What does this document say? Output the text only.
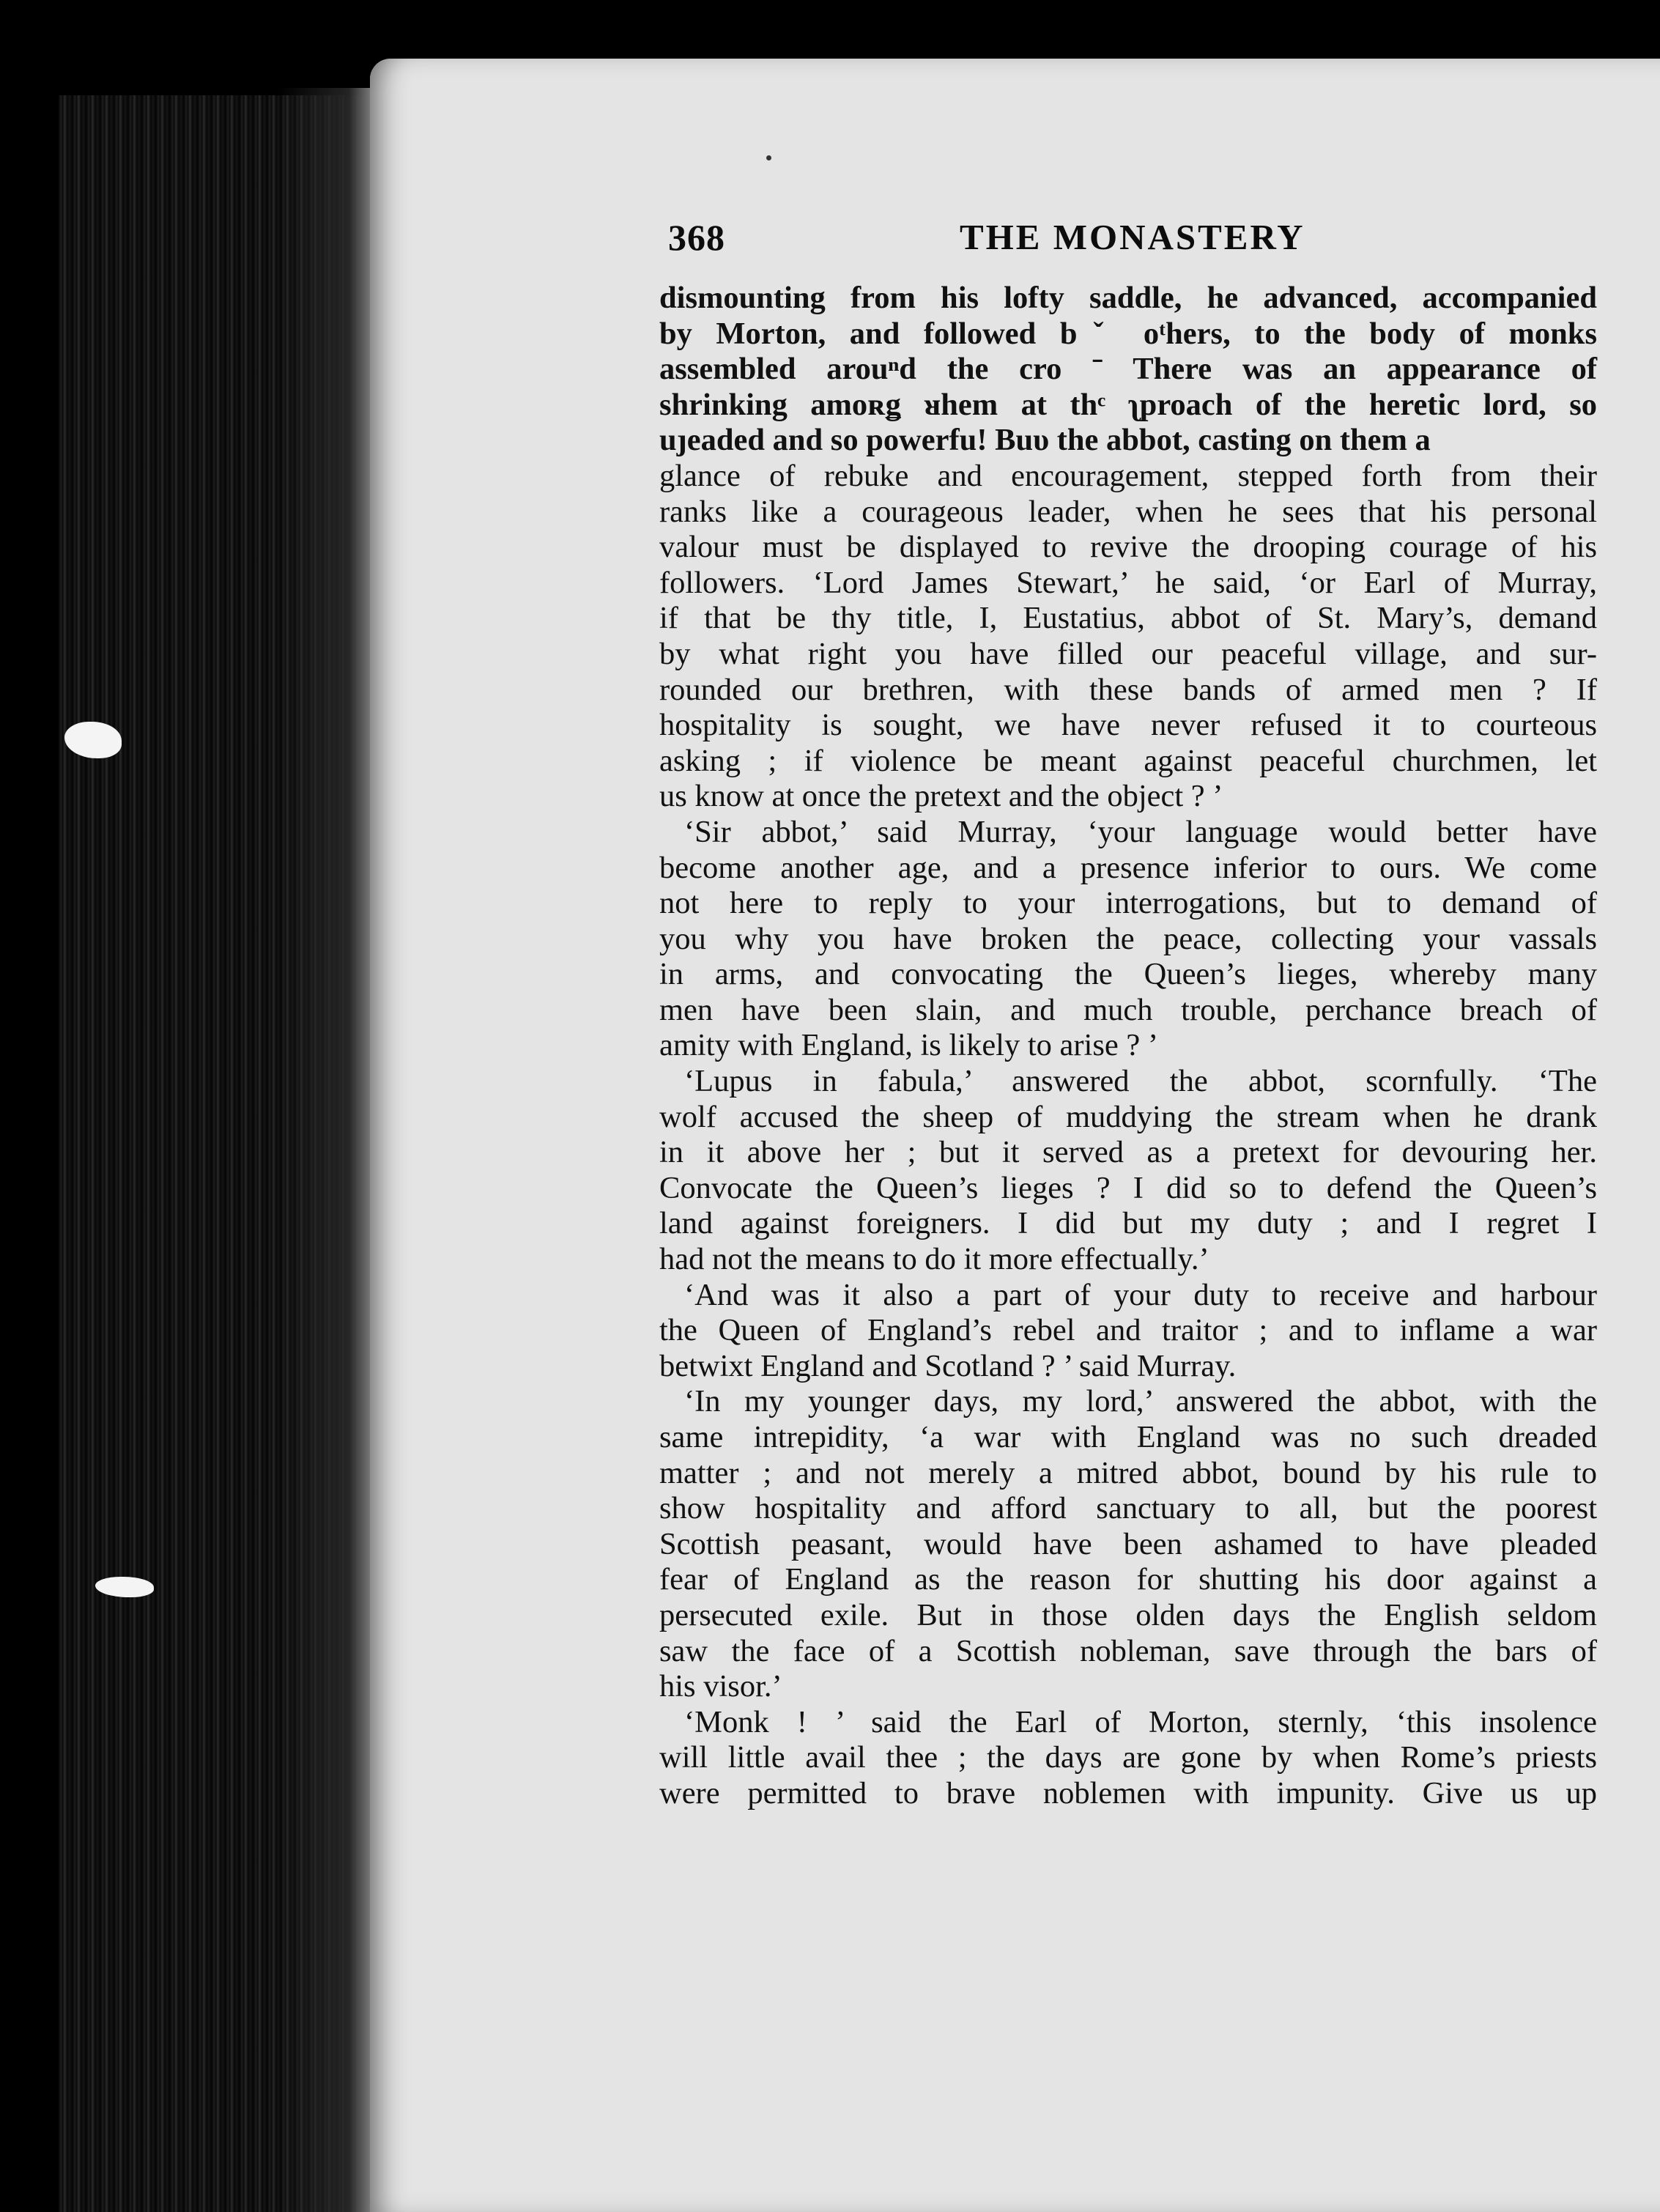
368	THE MONASTERY
dismounting from his lofty saddle, he advanced, accompanied
by Morton, and followed bˇ oᵗhers, to the body of monks
assembled arouⁿd the cro ˉ There was an appearance of
shrinking amoʀǥ ᴚhem at thᶜ ʅproach of the heretic lord, so
uȷeaded and so powerfu! Buυ the abbot, casting on them a
glance of rebuke and encouragement, stepped forth from their
ranks like a courageous leader, when he sees that his personal
valour must be displayed to revive the drooping courage of his
followers. ‘Lord James Stewart,’ he said, ‘or Earl of Murray,
if that be thy title, I, Eustatius, abbot of St. Mary’s, demand
by what right you have filled our peaceful village, and sur-
rounded our brethren, with these bands of armed men ? If
hospitality is sought, we have never refused it to courteous
asking ; if violence be meant against peaceful churchmen, let
us know at once the pretext and the object ? ’
‘Sir abbot,’ said Murray, ‘your language would better have
become another age, and a presence inferior to ours. We come
not here to reply to your interrogations, but to demand of
you why you have broken the peace, collecting your vassals
in arms, and convocating the Queen’s lieges, whereby many
men have been slain, and much trouble, perchance breach of
amity with England, is likely to arise ? ’
‘Lupus in fabula,’ answered the abbot, scornfully. ‘The
wolf accused the sheep of muddying the stream when he drank
in it above her ; but it served as a pretext for devouring her.
Convocate the Queen’s lieges ? I did so to defend the Queen’s
land against foreigners. I did but my duty ; and I regret I
had not the means to do it more effectually.’
‘And was it also a part of your duty to receive and harbour
the Queen of England’s rebel and traitor ; and to inflame a war
betwixt England and Scotland ? ’ said Murray.
‘In my younger days, my lord,’ answered the abbot, with the
same intrepidity, ‘a war with England was no such dreaded
matter ; and not merely a mitred abbot, bound by his rule to
show hospitality and afford sanctuary to all, but the poorest
Scottish peasant, would have been ashamed to have pleaded
fear of England as the reason for shutting his door against a
persecuted exile. But in those olden days the English seldom
saw the face of a Scottish nobleman, save through the bars of
his visor.’
‘Monk ! ’ said the Earl of Morton, sternly, ‘this insolence
will little avail thee ; the days are gone by when Rome’s priests
were permitted to brave noblemen with impunity. Give us up
